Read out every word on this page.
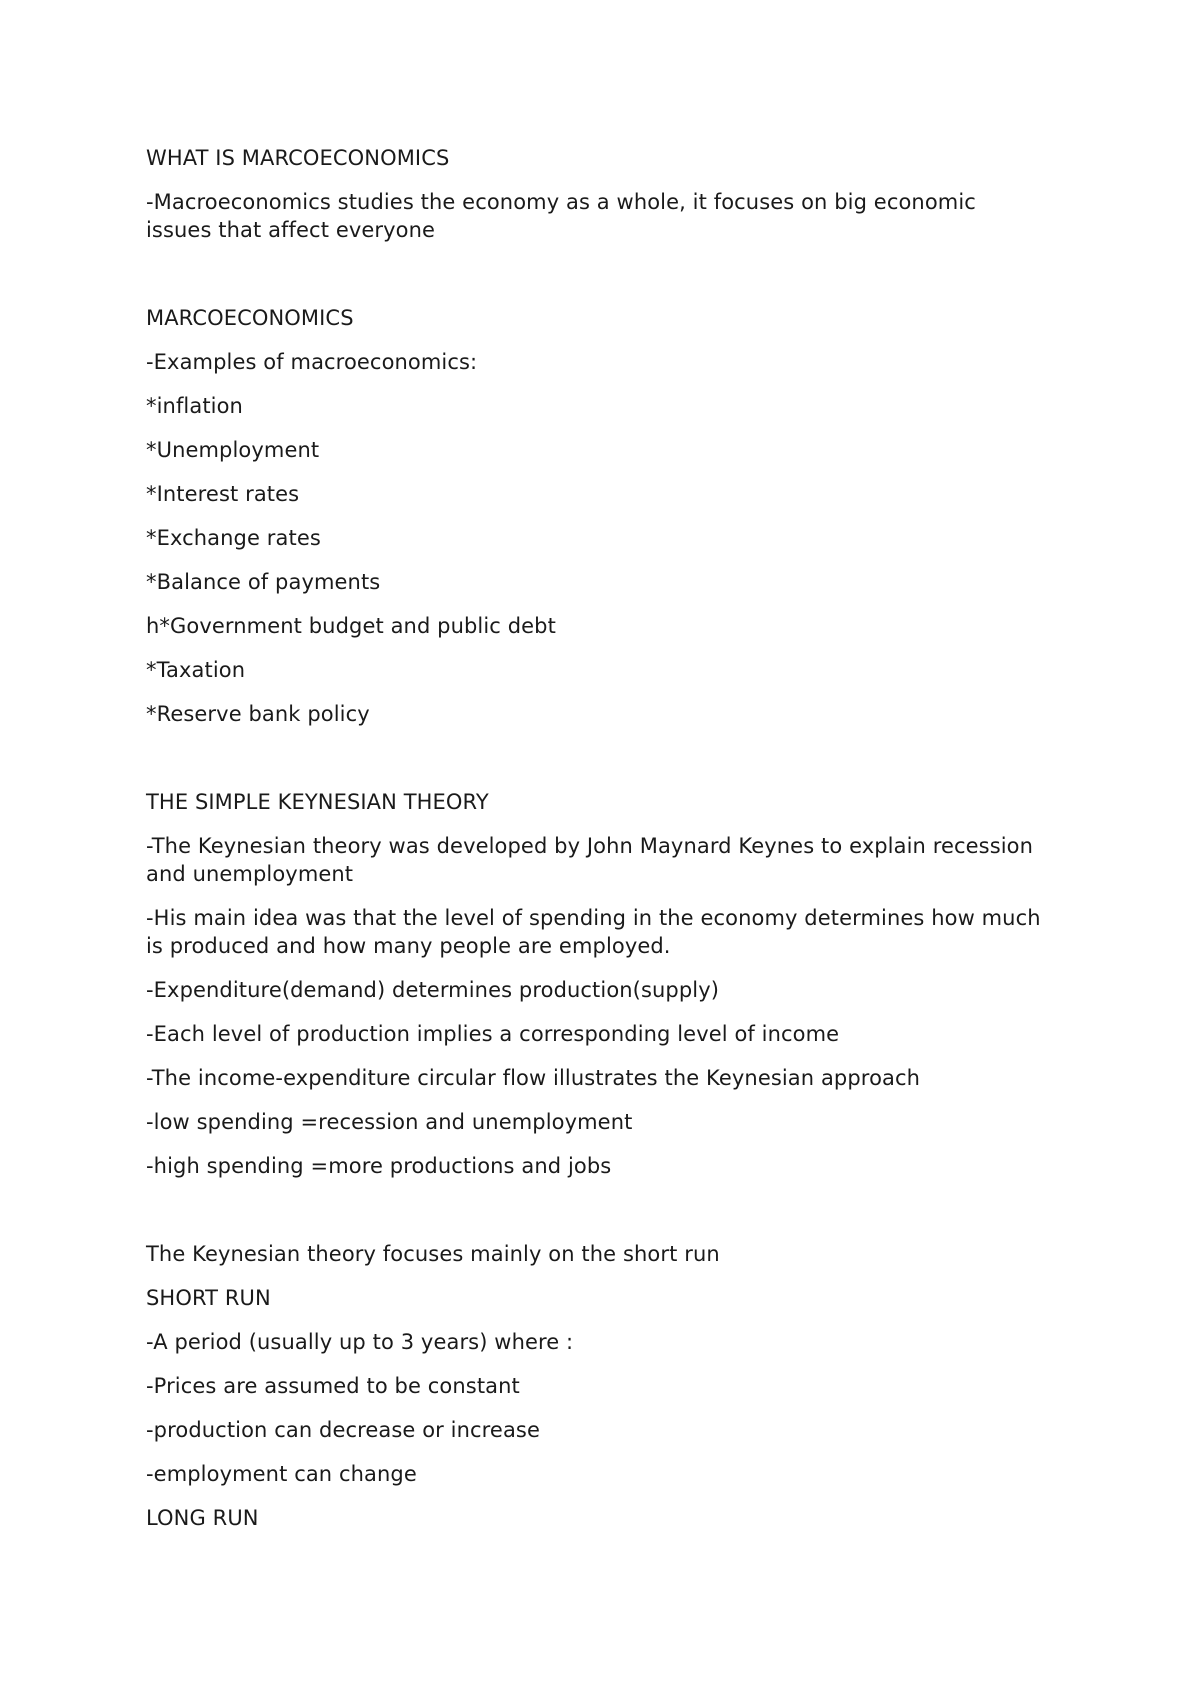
WHAT IS MARCOECONOMICS

-Macroeconomics studies the economy as a whole, it focuses on big economic issues that affect everyone

MARCOECONOMICS

-Examples of macroeconomics:

*inflation

*Unemployment

*Interest rates

*Exchange rates

*Balance of payments

h*Government budget and public debt

*Taxation

*Reserve bank policy

THE SIMPLE KEYNESIAN THEORY

-The Keynesian theory was developed by John Maynard Keynes to explain recession  and unemployment

-His main idea was that the level of spending in the economy determines how much is produced and how many people are employed.

-Expenditure(demand) determines production(supply)

-Each level of production implies a corresponding level of income

-The income-expenditure circular flow illustrates the Keynesian approach

-low spending =recession and unemployment

-high spending =more productions and jobs

The Keynesian theory focuses mainly on the short run

SHORT RUN

-A period (usually up to 3 years) where :

-Prices are assumed to be constant

-production can decrease or increase

-employment can change

LONG RUN
